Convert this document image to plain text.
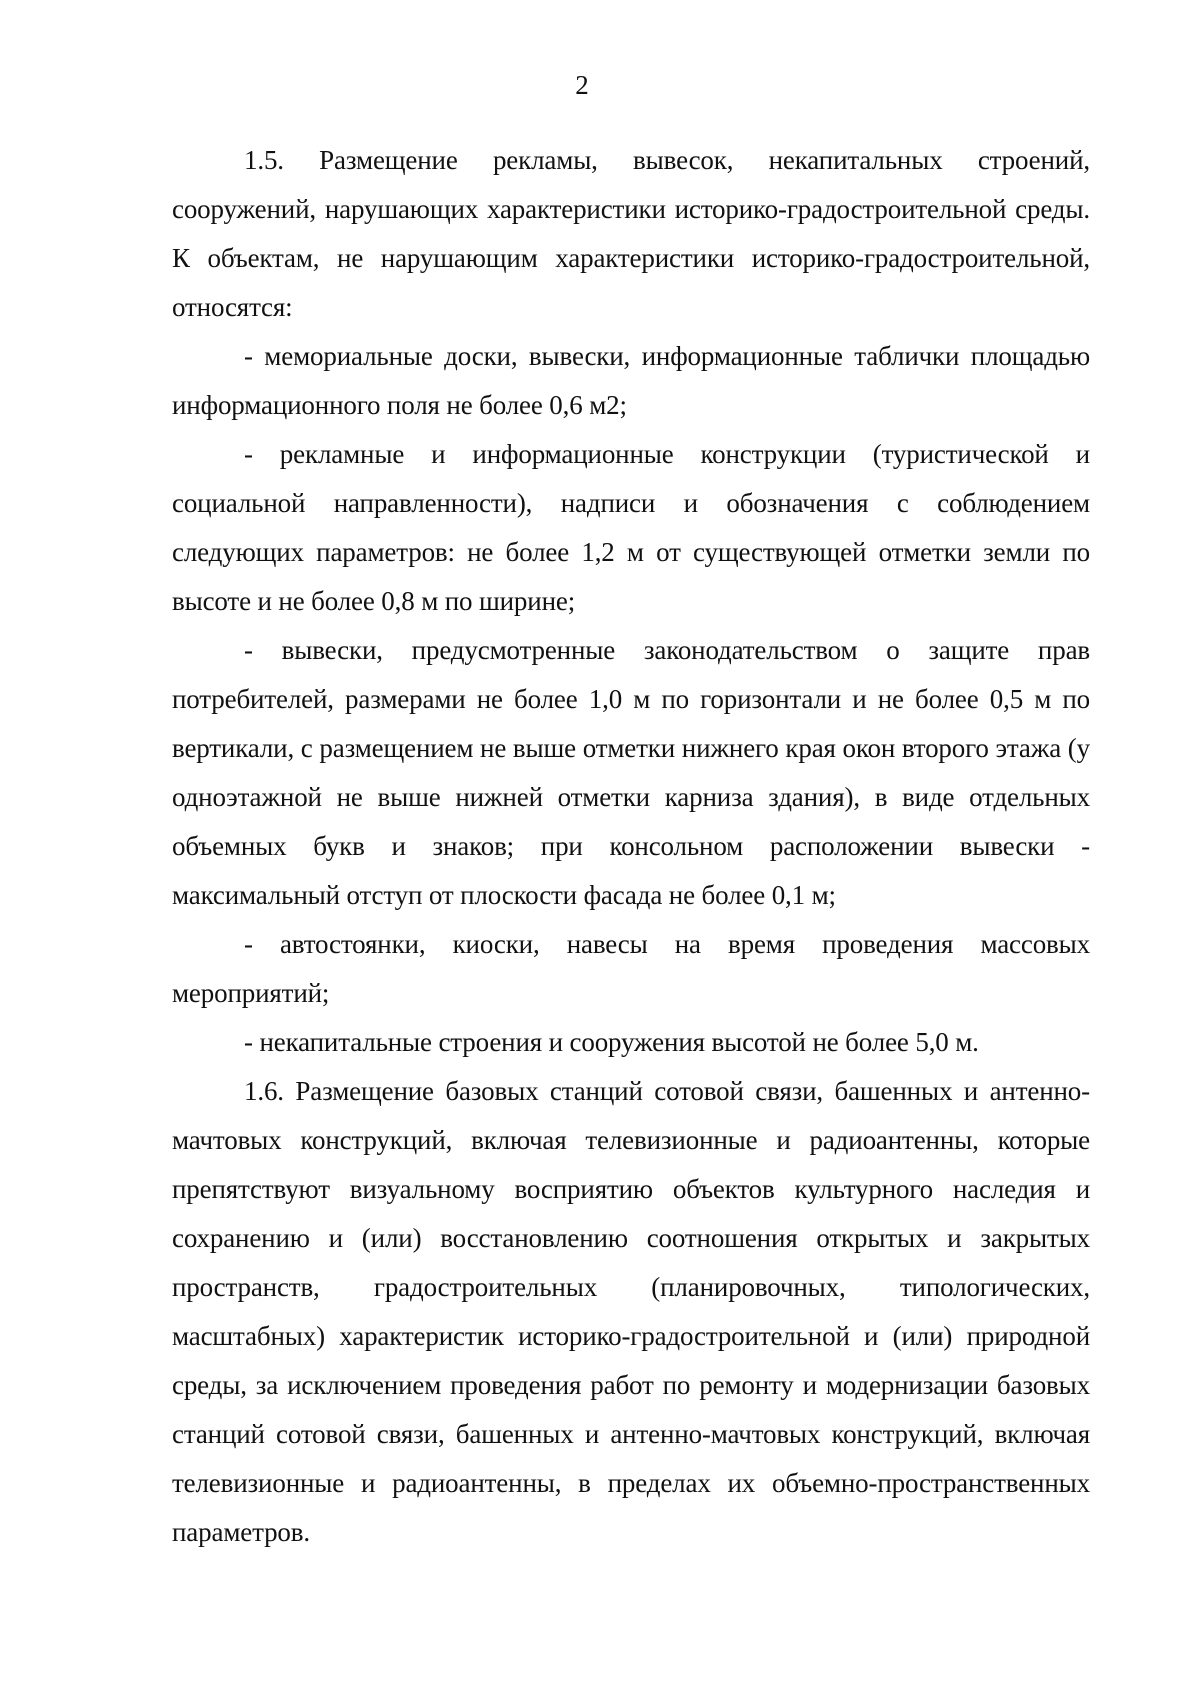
2

1.5. Размещение рекламы, вывесок, некапитальных строений, сооружений, нарушающих характеристики историко-градостроительной среды. К объектам, не нарушающим характеристики историко-градостроительной, относятся:

- мемориальные доски, вывески, информационные таблички площадью информационного поля не более 0,6 м2;

- рекламные и информационные конструкции (туристической и социальной направленности), надписи и обозначения с соблюдением следующих параметров: не более 1,2 м от существующей отметки земли по высоте и не более 0,8 м по ширине;

- вывески, предусмотренные законодательством о защите прав потребителей, размерами не более 1,0 м по горизонтали и не более 0,5 м по вертикали, с размещением не выше отметки нижнего края окон второго этажа (у одноэтажной не выше нижней отметки карниза здания), в виде отдельных объемных букв и знаков; при консольном расположении вывески - максимальный отступ от плоскости фасада не более 0,1 м;

- автостоянки, киоски, навесы на время проведения массовых мероприятий;

- некапитальные строения и сооружения высотой не более 5,0 м.

1.6. Размещение базовых станций сотовой связи, башенных и антенно-мачтовых конструкций, включая телевизионные и радиоантенны, которые препятствуют визуальному восприятию объектов культурного наследия и сохранению и (или) восстановлению соотношения открытых и закрытых пространств, градостроительных (планировочных, типологических, масштабных) характеристик историко-градостроительной и (или) природной среды, за исключением проведения работ по ремонту и модернизации базовых станций сотовой связи, башенных и антенно-мачтовых конструкций, включая телевизионные и радиоантенны, в пределах их объемно-пространственных параметров.
